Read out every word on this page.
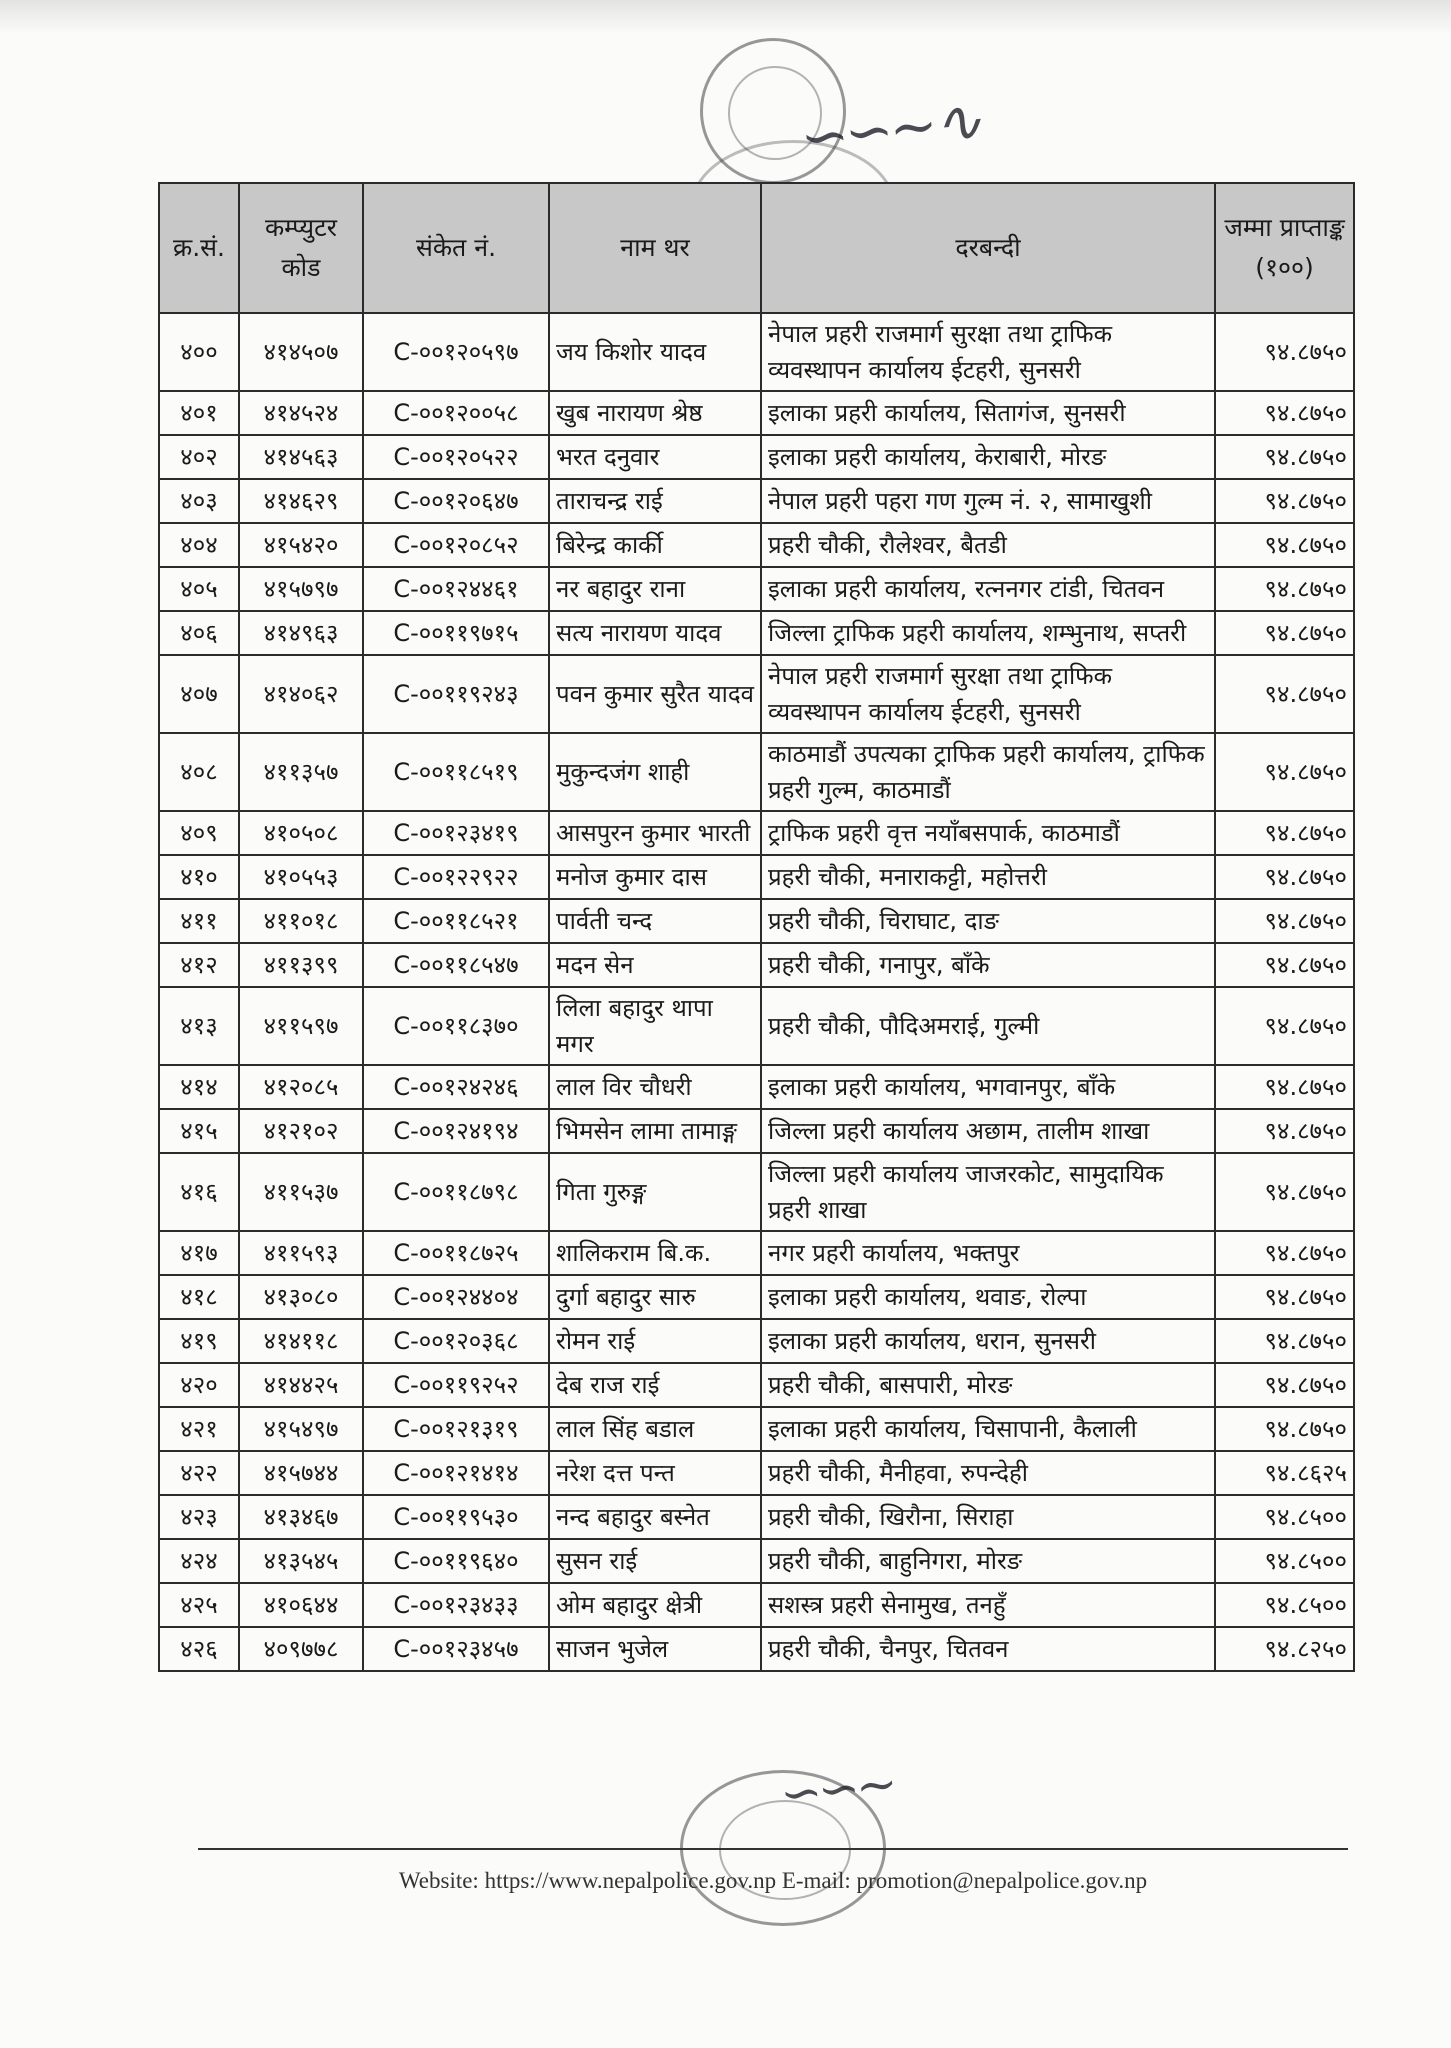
∽∽~∿
क्र.सं.	कम्प्युटर कोड	संकेत नं.	नाम थर	दरबन्दी	जम्मा प्राप्ताङ्क (१००)
४००	४१४५०७	C-००१२०५९७	जय किशोर यादव	नेपाल प्रहरी राजमार्ग सुरक्षा तथा ट्राफिक व्यवस्थापन कार्यालय ईटहरी, सुनसरी	९४.८७५०
४०१	४१४५२४	C-००१२००५८	खुब नारायण श्रेष्ठ	इलाका प्रहरी कार्यालय, सितागंज, सुनसरी	९४.८७५०
४०२	४१४५६३	C-००१२०५२२	भरत दनुवार	इलाका प्रहरी कार्यालय, केराबारी, मोरङ	९४.८७५०
४०३	४१४६२९	C-००१२०६४७	ताराचन्द्र राई	नेपाल प्रहरी पहरा गण गुल्म नं. २, सामाखुशी	९४.८७५०
४०४	४१५४२०	C-००१२०८५२	बिरेन्द्र कार्की	प्रहरी चौकी, रौलेश्वर, बैतडी	९४.८७५०
४०५	४१५७९७	C-००१२४४६१	नर बहादुर राना	इलाका प्रहरी कार्यालय, रत्ननगर टांडी, चितवन	९४.८७५०
४०६	४१४९६३	C-००११९७१५	सत्य नारायण यादव	जिल्ला ट्राफिक प्रहरी कार्यालय, शम्भुनाथ, सप्तरी	९४.८७५०
४०७	४१४०६२	C-००११९२४३	पवन कुमार सुरैत यादव	नेपाल प्रहरी राजमार्ग सुरक्षा तथा ट्राफिक व्यवस्थापन कार्यालय ईटहरी, सुनसरी	९४.८७५०
४०८	४११३५७	C-००११८५१९	मुकुन्दजंग शाही	काठमाडौं उपत्यका ट्राफिक प्रहरी कार्यालय, ट्राफिक प्रहरी गुल्म, काठमाडौं	९४.८७५०
४०९	४१०५०८	C-००१२३४१९	आसपुरन कुमार भारती	ट्राफिक प्रहरी वृत्त नयाँबसपार्क, काठमाडौं	९४.८७५०
४१०	४१०५५३	C-००१२२९२२	मनोज कुमार दास	प्रहरी चौकी, मनाराकट्टी, महोत्तरी	९४.८७५०
४११	४११०१८	C-००११८५२१	पार्वती चन्द	प्रहरी चौकी, चिराघाट, दाङ	९४.८७५०
४१२	४११३९९	C-००११८५४७	मदन सेन	प्रहरी चौकी, गनापुर, बाँके	९४.८७५०
४१३	४११५९७	C-००११८३७०	लिला बहादुर थापा मगर	प्रहरी चौकी, पौदिअमराई, गुल्मी	९४.८७५०
४१४	४१२०८५	C-००१२४२४६	लाल विर चौधरी	इलाका प्रहरी कार्यालय, भगवानपुर, बाँके	९४.८७५०
४१५	४१२१०२	C-००१२४१९४	भिमसेन लामा तामाङ्ग	जिल्ला प्रहरी कार्यालय अछाम, तालीम शाखा	९४.८७५०
४१६	४११५३७	C-००११८७९८	गिता गुरुङ्ग	जिल्ला प्रहरी कार्यालय जाजरकोट, सामुदायिक प्रहरी शाखा	९४.८७५०
४१७	४११५९३	C-००११८७२५	शालिकराम बि.क.	नगर प्रहरी कार्यालय, भक्तपुर	९४.८७५०
४१८	४१३०८०	C-००१२४४०४	दुर्गा बहादुर सारु	इलाका प्रहरी कार्यालय, थवाङ, रोल्पा	९४.८७५०
४१९	४१४११८	C-००१२०३६८	रोमन राई	इलाका प्रहरी कार्यालय, धरान, सुनसरी	९४.८७५०
४२०	४१४४२५	C-००११९२५२	देब राज राई	प्रहरी चौकी, बासपारी, मोरङ	९४.८७५०
४२१	४१५४९७	C-००१२१३१९	लाल सिंह बडाल	इलाका प्रहरी कार्यालय, चिसापानी, कैलाली	९४.८७५०
४२२	४१५७४४	C-००१२१४१४	नरेश दत्त पन्त	प्रहरी चौकी, मैनीहवा, रुपन्देही	९४.८६२५
४२३	४१३४६७	C-००११९५३०	नन्द बहादुर बस्नेत	प्रहरी चौकी, खिरौना, सिराहा	९४.८५००
४२४	४१३५४५	C-००११९६४०	सुसन राई	प्रहरी चौकी, बाहुनिगरा, मोरङ	९४.८५००
४२५	४१०६४४	C-००१२३४३३	ओम बहादुर क्षेत्री	सशस्त्र प्रहरी सेनामुख, तनहुँ	९४.८५००
४२६	४०९७७८	C-००१२३४५७	साजन भुजेल	प्रहरी चौकी, चैनपुर, चितवन	९४.८२५०
∽∽~
Website: https://www.nepalpolice.gov.np E-mail: promotion@nepalpolice.gov.np
